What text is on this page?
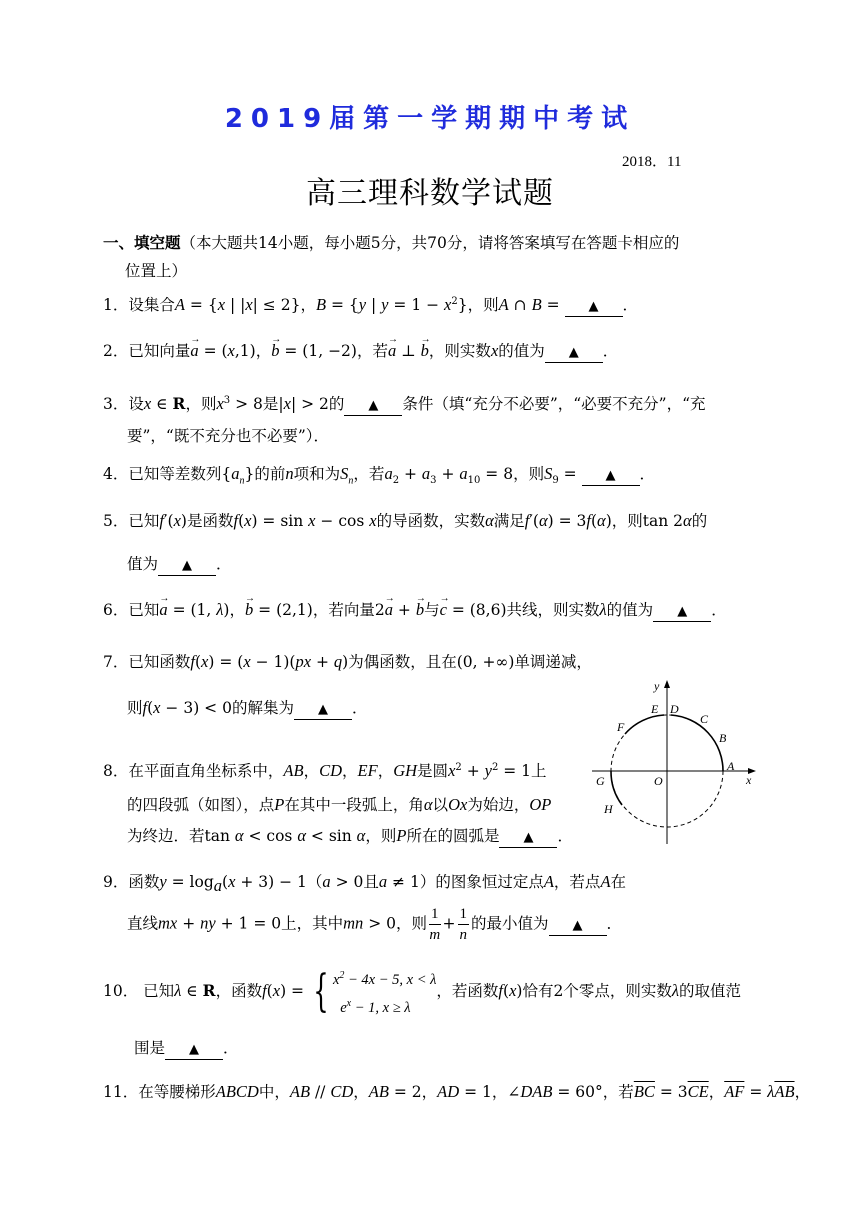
2019届第一学期期中考试
2018．11
高三理科数学试题
一、填空题（本大题共14小题，每小题5分，共70分，请将答案填写在答题卡相应的
位置上）
1．设集合A = {x | |x| ≤ 2}，B = {y | $y = 1 - x^2$}，则A ∩ B = ▲ ．
2．已知向量→ a = (x,1)，→ b = (1, −2)，若→ a ⊥ → b，则实数x的值为 ▲ ．
3．设x ∈ R，则$x^3 > 8$是|x| > 2的 ▲ 条件（填“充分不必要”，“必要不充分”，“充
要”，“既不充分也不必要”）．
4．已知等差数列$\{a_n\}$的前n项和为$S_n$，若$a_2 + a_3 + a_{10} = 8$，则$S_9$ = ▲ ．
5．已知f′(x)是函数f(x) = sin x − cos x的导函数，实数α满足f′(α) = 3f(α)，则tan 2α的
值为 ▲ ．
6．已知→ a = (1, λ)，→ b = (2,1)，若向量2→ a + → b与→ c = (8,6)共线，则实数λ的值为 ▲ ．
7．已知函数f(x) = (x − 1)(px + q)为偶函数，且在(0, +∞)单调递减，
则f(x − 3) < 0的解集为 ▲ ．
8．在平面直角坐标系中，AB，CD，EF，GH是圆$x^2 + y^2 = 1$上
的四段弧（如图），点P在其中一段弧上，角α以Ox为始边，OP
为终边．若tan α < cos α < sin α，则P所在的圆弧是 ▲ ．
y
E D
C
B
A
x
F
G	O
H
9．函数$y = \log_a(x + 3) - 1(a > 0$且a ≠ 1）的图象恒过定点A，若点A在
直线mx + ny + 1 = 0上，其中mn > 0，则 $\frac{1}{m} + \frac{1}{n}$ 的最小值为 ▲ ．
10． 已知λ ∈ R，函数f(x) = { $x^2 - 4x - 5$, x < λ
$e^x - 1$, x ≥ λ，若函数f(x)恰有2个零点，则实数λ的取值范
围是 ▲ ．
11．在等腰梯形ABCD中，AB // CD，AB = 2，AD = 1，∠DAB = 60°，若$\overline{BC} = 3\overline{CE}$，$\overline{AF} = \lambda\overline{AB}$，
